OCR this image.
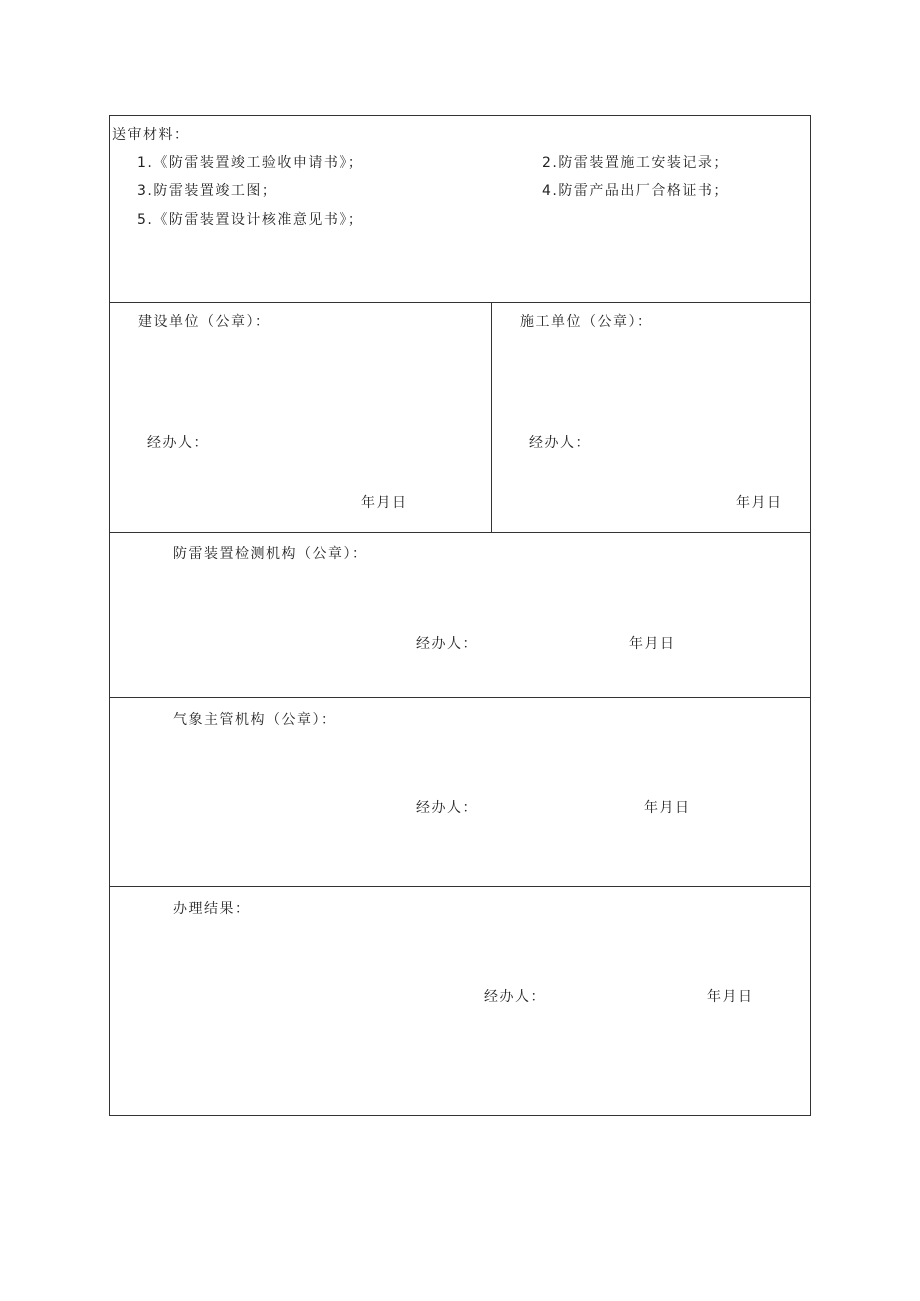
送审材料：
1.《防雷装置竣工验收申请书》；	2.防雷装置施工安装记录；
3.防雷装置竣工图；	4.防雷产品出厂合格证书；
5.《防雷装置设计核准意见书》；
建设单位（公章）：
经办人：
年月日
施工单位（公章）：
经办人：
年月日
防雷装置检测机构（公章）：
经办人：	年月日
气象主管机构（公章）：
经办人：	年月日
办理结果：
经办人：	年月日
